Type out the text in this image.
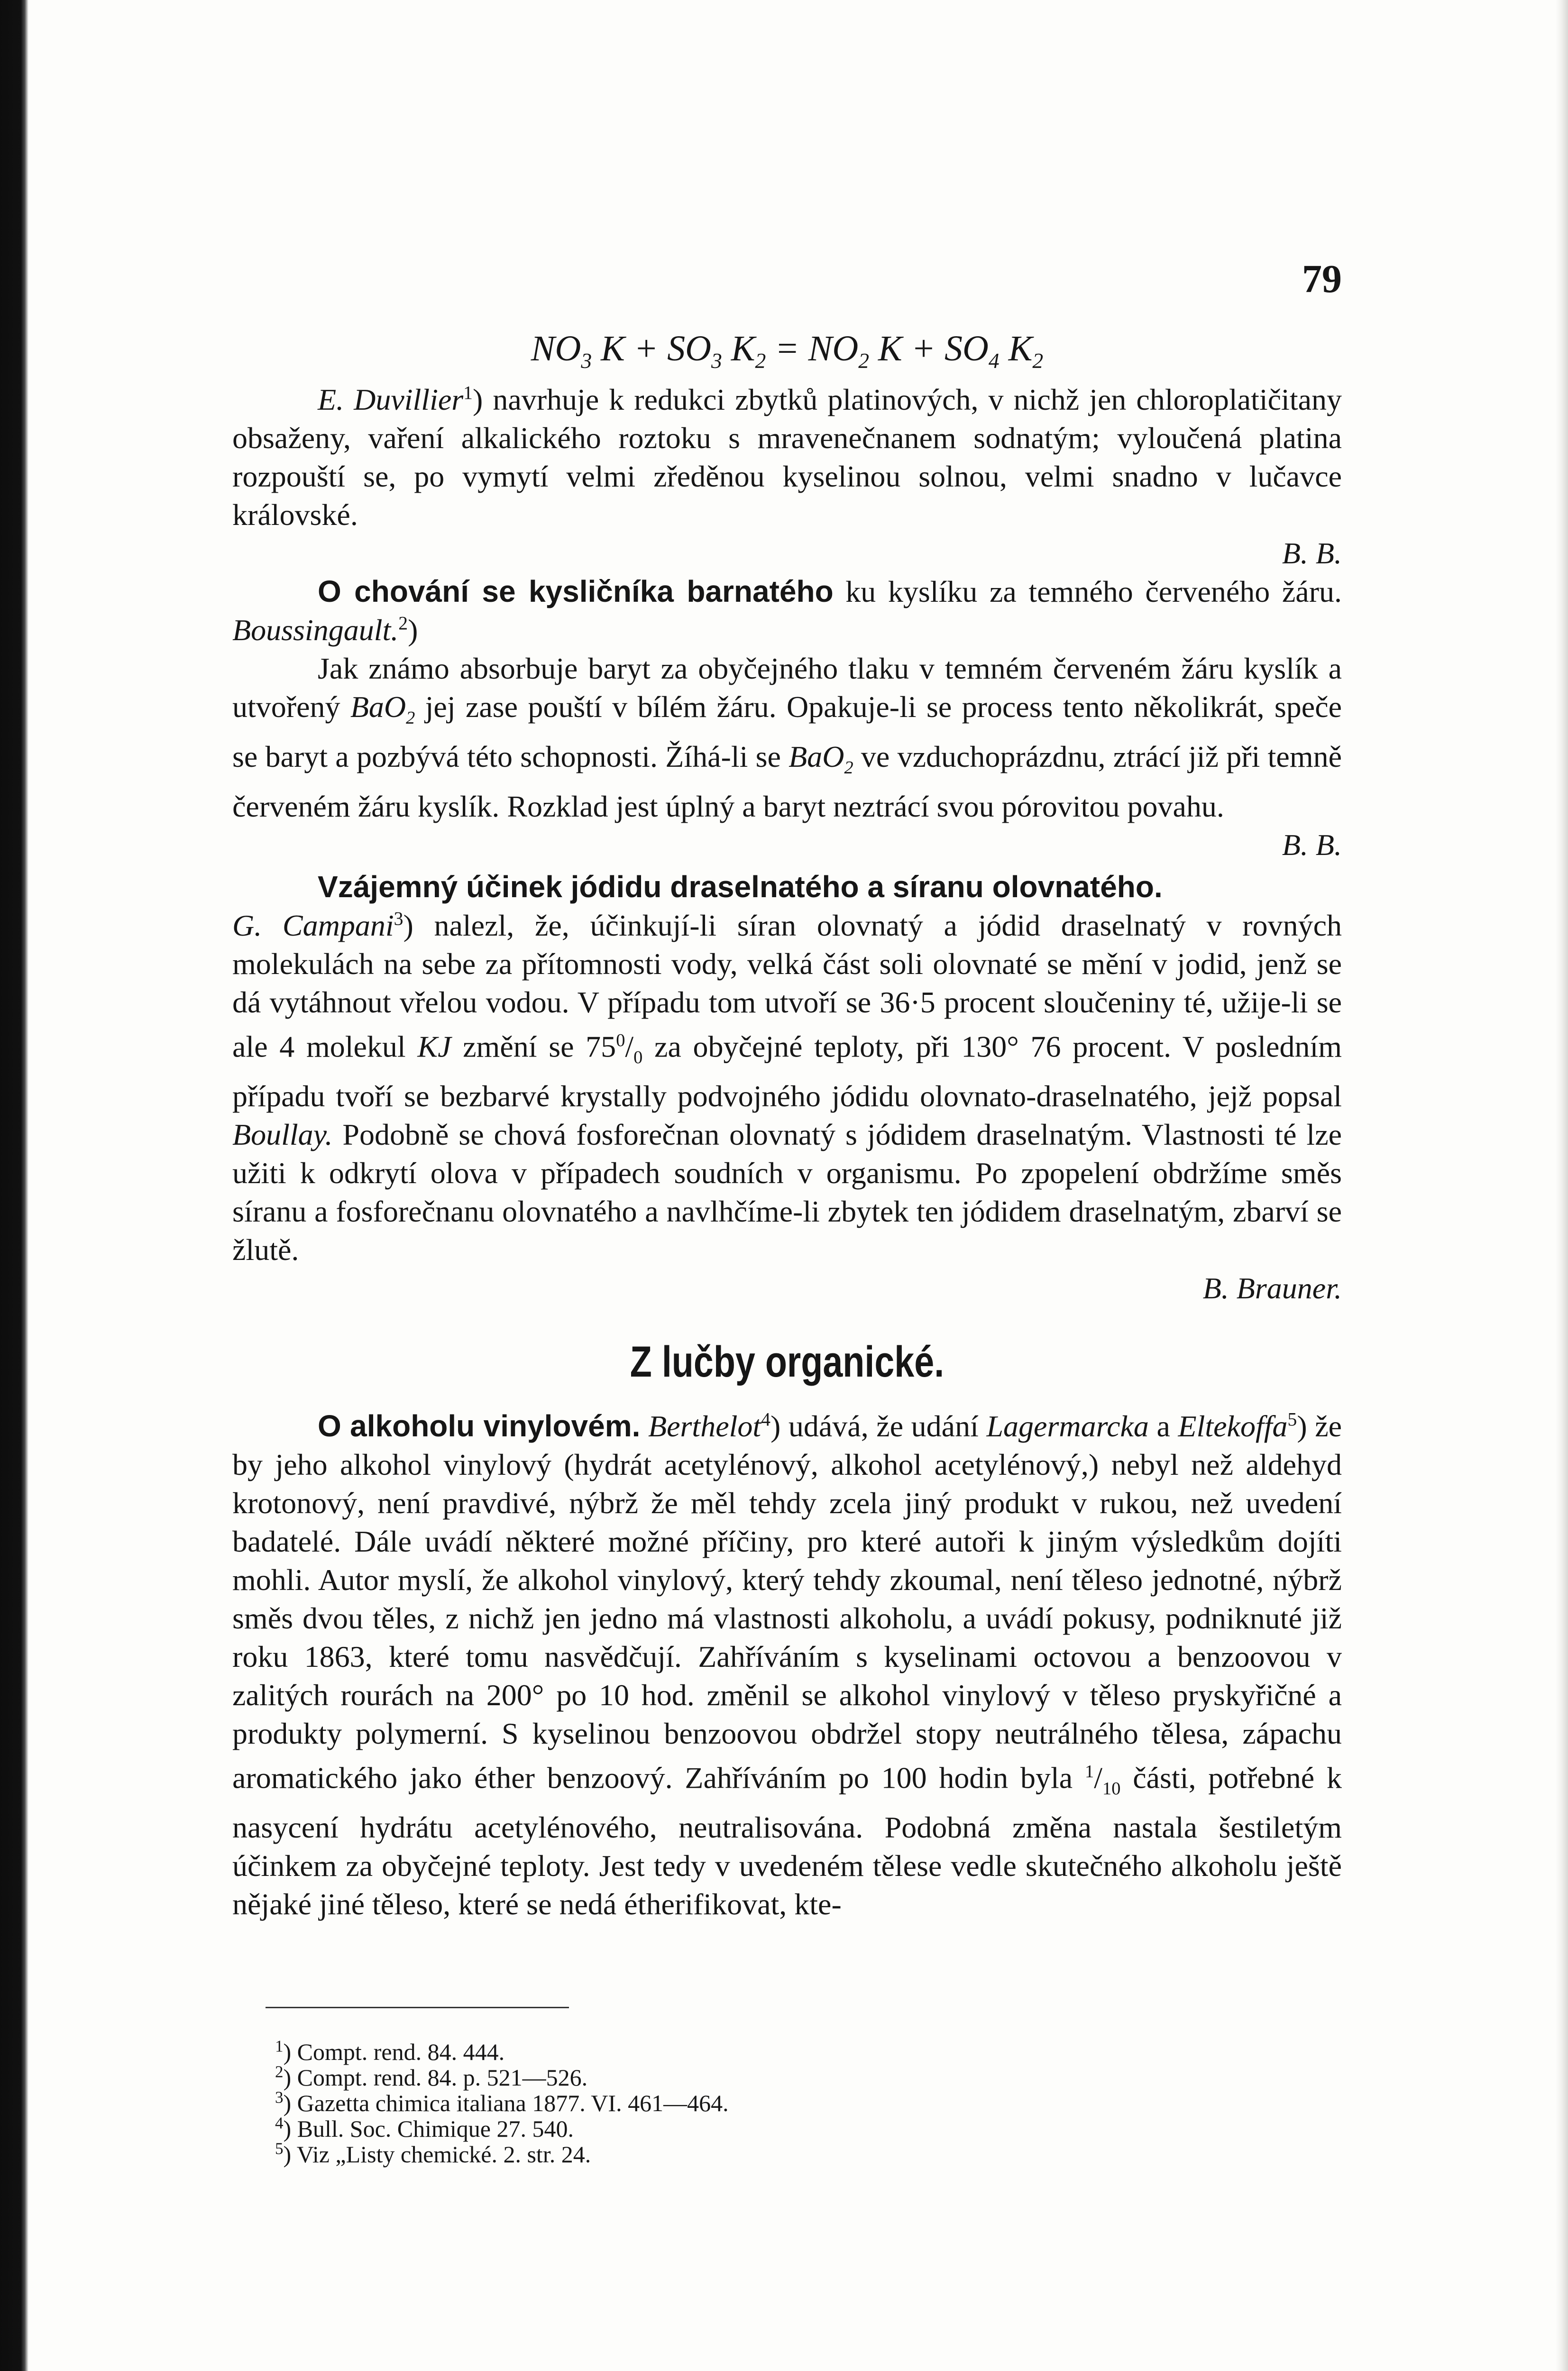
79
$NO_3$ $K + SO_3$ $K_2 = NO_2$ $K + SO_4$ $K_2$

E. Duvillier$^1$) navrhuje k redukci zbytků platinových, v nichž jen chloroplatičitany obsaženy, vaření alkalického roztoku s mravenečnanem sodnatým; vyloučená platina rozpouští se, po vymytí velmi zředěnou kyselinou solnou, velmi snadno v lučavce královské.
B. B.

O chování se kysličníka barnatého ku kyslíku za temného červeného žáru. Boussingault.$^2$)

Jak známo absorbuje baryt za obyčejného tlaku v temném červeném žáru kyslík a utvořený BaO$_2$ jej zase pouští v bílém žáru. Opakuje-li se process tento několikrát, speče se baryt a pozbývá této schopnosti. Žíhá-li se BaO$_2$ ve vzduchoprázdnu, ztrácí již při temně červeném žáru kyslík. Rozklad jest úplný a baryt neztrácí svou pórovitou povahu.
B. B.

Vzájemný účinek jódidu draselnatého a síranu olovnatého.

G. Campani$^3$) nalezl, že, účinkují-li síran olovnatý a jódid draselnatý v rovných molekulách na sebe za přítomnosti vody, velká část soli olovnaté se mění v jodid, jenž se dá vytáhnout vřelou vodou. V případu tom utvoří se 36·5 procent sloučeniny té, užije-li se ale 4 molekul KJ změní se $75^0/_0$ za obyčejné teploty, při 130° 76 procent. V posledním případu tvoří se bezbarvé krystally podvojného jódidu olovnato-draselnatého, jejž popsal Boullay. Podobně se chová fosforečnan olovnatý s jódidem draselnatým. Vlastnosti té lze užiti k odkrytí olova v případech soudních v organismu. Po zpopelení obdržíme směs síranu a fosforečnanu olovnatého a navlhčíme-li zbytek ten jódidem draselnatým, zbarví se žlutě.
B. Brauner.

Z lučby organické.

O alkoholu vinylovém. Berthelot$^4$) udává, že udání Lagermarcka a Eltekoffa$^5$) že by jeho alkohol vinylový (hydrát acetylénový, alkohol acetylénový,) nebyl než aldehyd krotonový, není pravdivé, nýbrž že měl tehdy zcela jiný produkt v rukou, než uvedení badatelé. Dále uvádí některé možné příčiny, pro které autoři k jiným výsledkům dojíti mohli. Autor myslí, že alkohol vinylový, který tehdy zkoumal, není těleso jednotné, nýbrž směs dvou těles, z nichž jen jedno má vlastnosti alkoholu, a uvádí pokusy, podniknuté již roku 1863, které tomu nasvědčují. Zahříváním s kyselinami octovou a benzoovou v zalitých rourách na 200° po 10 hod. změnil se alkohol vinylový v těleso pryskyřičné a produkty polymerní. S kyselinou benzoovou obdržel stopy neutrálného tělesa, zápachu aromatického jako éther benzoový. Zahříváním po 100 hodin byla $^1/_{10}$ části, potřebné k nasycení hydrátu acetylénového, neutralisována. Podobná změna nastala šestiletým účinkem za obyčejné teploty. Jest tedy v uvedeném tělese vedle skutečného alkoholu ještě nějaké jiné těleso, které se nedá étherifikovat, kte-

$^1$) Compt. rend. 84. 444.

$^2$) Compt. rend. 84. p. 521—526.

$^3$) Gazetta chimica italiana 1877. VI. 461—464.

$^4$) Bull. Soc. Chimique 27. 540.

$^5$) Viz „Listy chemické. 2. str. 24.
